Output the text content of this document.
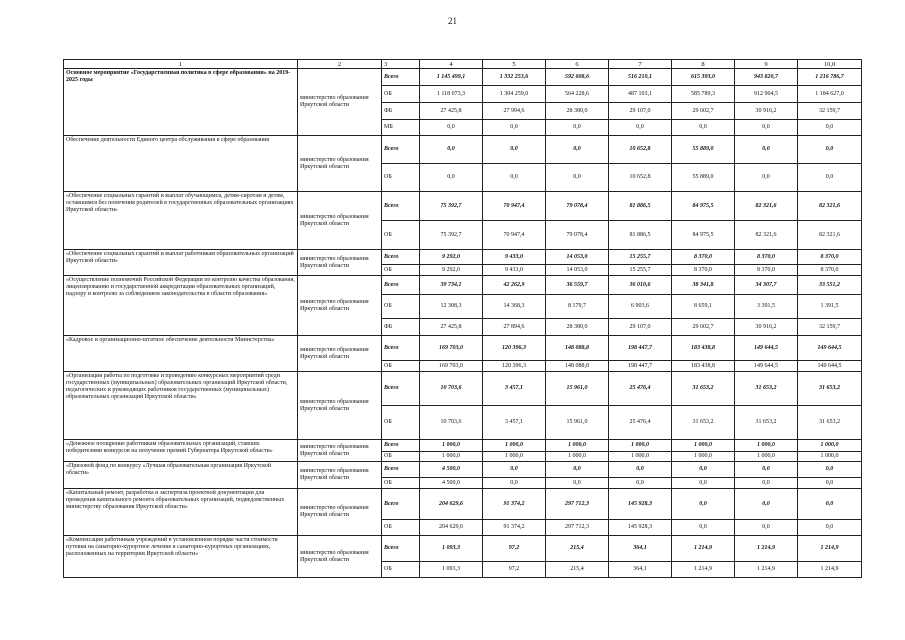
21
1	2	3	4	5	6	7	8	9	10,0
Основное мероприятие «Государственная политика в сфере образования» на 2019-2025 годы	министерство образования Иркутской области	Всего	1 145 499,1	1 332 253,6	592 608,6	516 210,1	615 393,0	943 820,7	1 216 786,7
		ОБ	1 118 073,3	1 304 259,0	564 228,6	487 103,1	585 789,3	912 904,5	1 184 627,0
		ФБ	27 425,8	27 994,6	28 380,0	29 107,0	29 602,7	30 916,2	32 159,7
		МБ	0,0	0,0	0,0	0,0	0,0	0,0	0,0
Обеспечение деятельности Единого центра обслуживания в сфере образования	министерство образования Иркутской области	Всего	0,0	0,0	0,0	10 652,8	55 889,0	0,0	0,0
		ОБ	0,0	0,0	0,0	10 652,8	55 889,0	0,0	0,0
«Обеспечение социальных гарантий и выплат обучающимся, детям-сиротам и детям, оставшимся без попечения родителей в государственных образовательных организациях Иркутской области»	министерство образования Иркутской области	Всего	75 392,7	70 947,4	79 078,4	81 886,5	84 975,5	82 321,6	82 321,6
		ОБ	75 392,7	70 947,4	79 078,4	81 886,5	84 975,5	82 321,6	82 321,6
«Обеспечение социальных гарантий и выплат работникам образовательных организаций Иркутской области»	министерство образования Иркутской области	Всего	9 292,0	9 433,0	14 053,0	15 255,7	8 370,0	8 370,0	8 370,0
		ОБ	9 292,0	9 433,0	14 053,0	15 255,7	8 370,0	8 370,0	8 370,0
«Осуществление полномочий Российской Федерации по контролю качества образования, лицензированию и государственной аккредитации образовательных организаций, надзору и контролю за соблюдением законодательства в области образования»	министерство образования Иркутской области	Всего	39 734,1	42 262,9	36 559,7	36 010,6	38 341,8	34 307,7	33 551,2
		ОБ	12 308,3	14 368,3	8 179,7	6 903,6	8 659,1	3 391,5	1 391,5
		ФБ	27 425,8	27 894,6	28 380,0	29 107,0	29 602,7	30 916,2	32 159,7
«Кадровое и организационно-штатное обеспечение деятельности Министерства»	министерство образования Иркутской области	Всего	169 703,0	120 396,3	148 088,8	198 447,7	183 438,8	149 644,5	149 644,5
		ОБ	169 703,0	120 396,3	148 088,8	198 447,7	183 438,8	149 644,5	149 644,5
«Организация работы по подготовке и проведению конкурсных мероприятий среди государственных (муниципальных) образовательных организаций Иркутской области, педагогических и руководящих работников государственных (муниципальных) образовательных организаций Иркутской области»	министерство образования Иркутской области	Всего	10 703,6	3 457,1	15 961,0	25 476,4	31 653,2	31 653,2	31 653,2
		ОБ	10 703,6	3 457,1	15 961,0	25 476,4	31 653,2	31 653,2	31 653,2
«Денежное поощрение работникам образовательных организаций, ставших победителями конкурсов на получение премий Губернатора Иркутской области»	министерство образования Иркутской области	Всего	1 000,0	1 000,0	1 000,0	1 000,0	1 000,0	1 000,0	1 000,0
		ОБ	1 000,0	1 000,0	1 000,0	1 000,0	1 000,0	1 000,0	1 000,0
«Призовой фонд по конкурсу «Лучшая образовательная организация Иркутской области»	министерство образования Иркутской области	Всего	4 500,0	0,0	0,0	0,0	0,0	0,0	0,0
		ОБ	4 500,0	0,0	0,0	0,0	0,0	0,0	0,0
«Капитальный ремонт, разработка и экспертиза проектной документации для проведения капитального ремонта образовательных организаций, подведомственных министерству образования Иркутской области»	министерство образования Иркутской области	Всего	204 629,6	91 374,2	297 712,3	145 928,3	0,0	0,0	0,0
		ОБ	204 629,6	91 374,2	297 712,3	145 928,3	0,0	0,0	0,0
«Компенсация работникам учреждений в установленном порядке части стоимости путевки на санаторно-курортное лечение в санаторно-курортных организациях, расположенных на территории Иркутской области»	министерство образования Иркутской области	Всего	1 093,3	97,2	215,4	364,1	1 214,9	1 214,9	1 214,9
		ОБ	1 093,3	97,2	215,4	364,1	1 214,9	1 214,9	1 214,9
